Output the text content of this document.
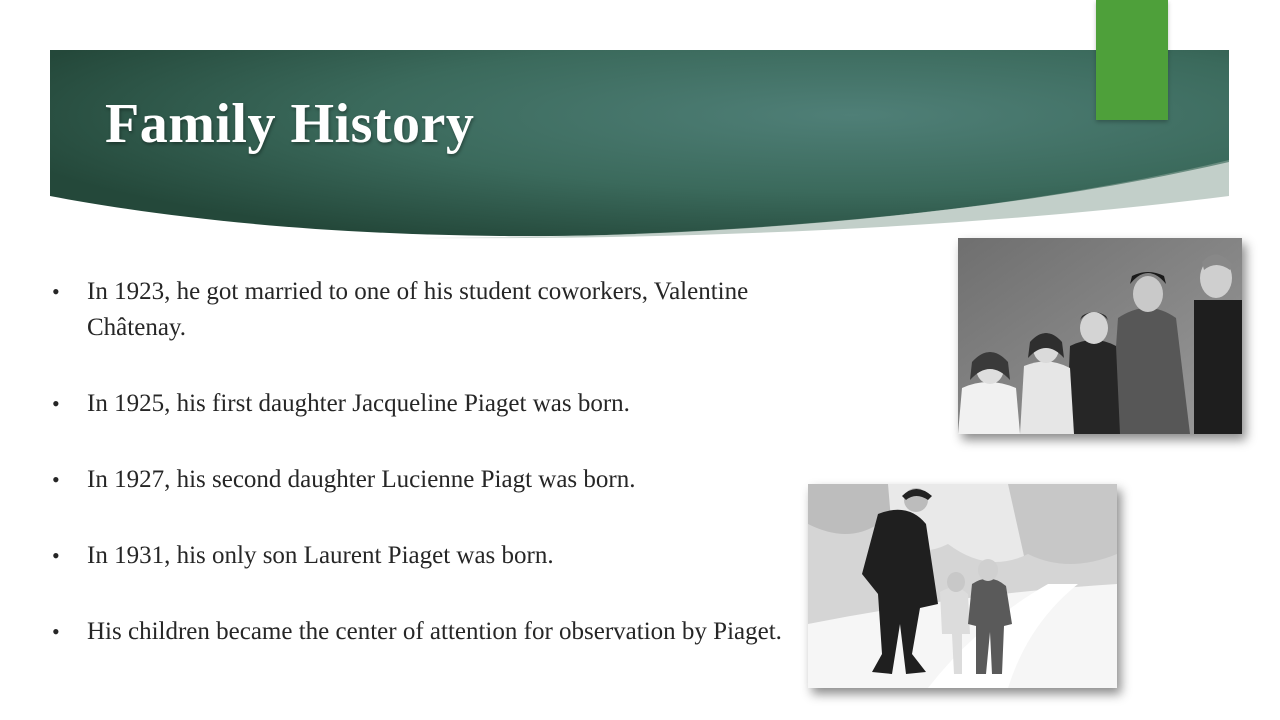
Family History
• In 1923, he got married to one of his student coworkers, Valentine Châtenay.
• In 1925, his first daughter Jacqueline Piaget was born.
• In 1927, his second daughter Lucienne Piagt was born.
• In 1931, his only son Laurent Piaget was born.
• His children became the center of attention for observation by Piaget.
